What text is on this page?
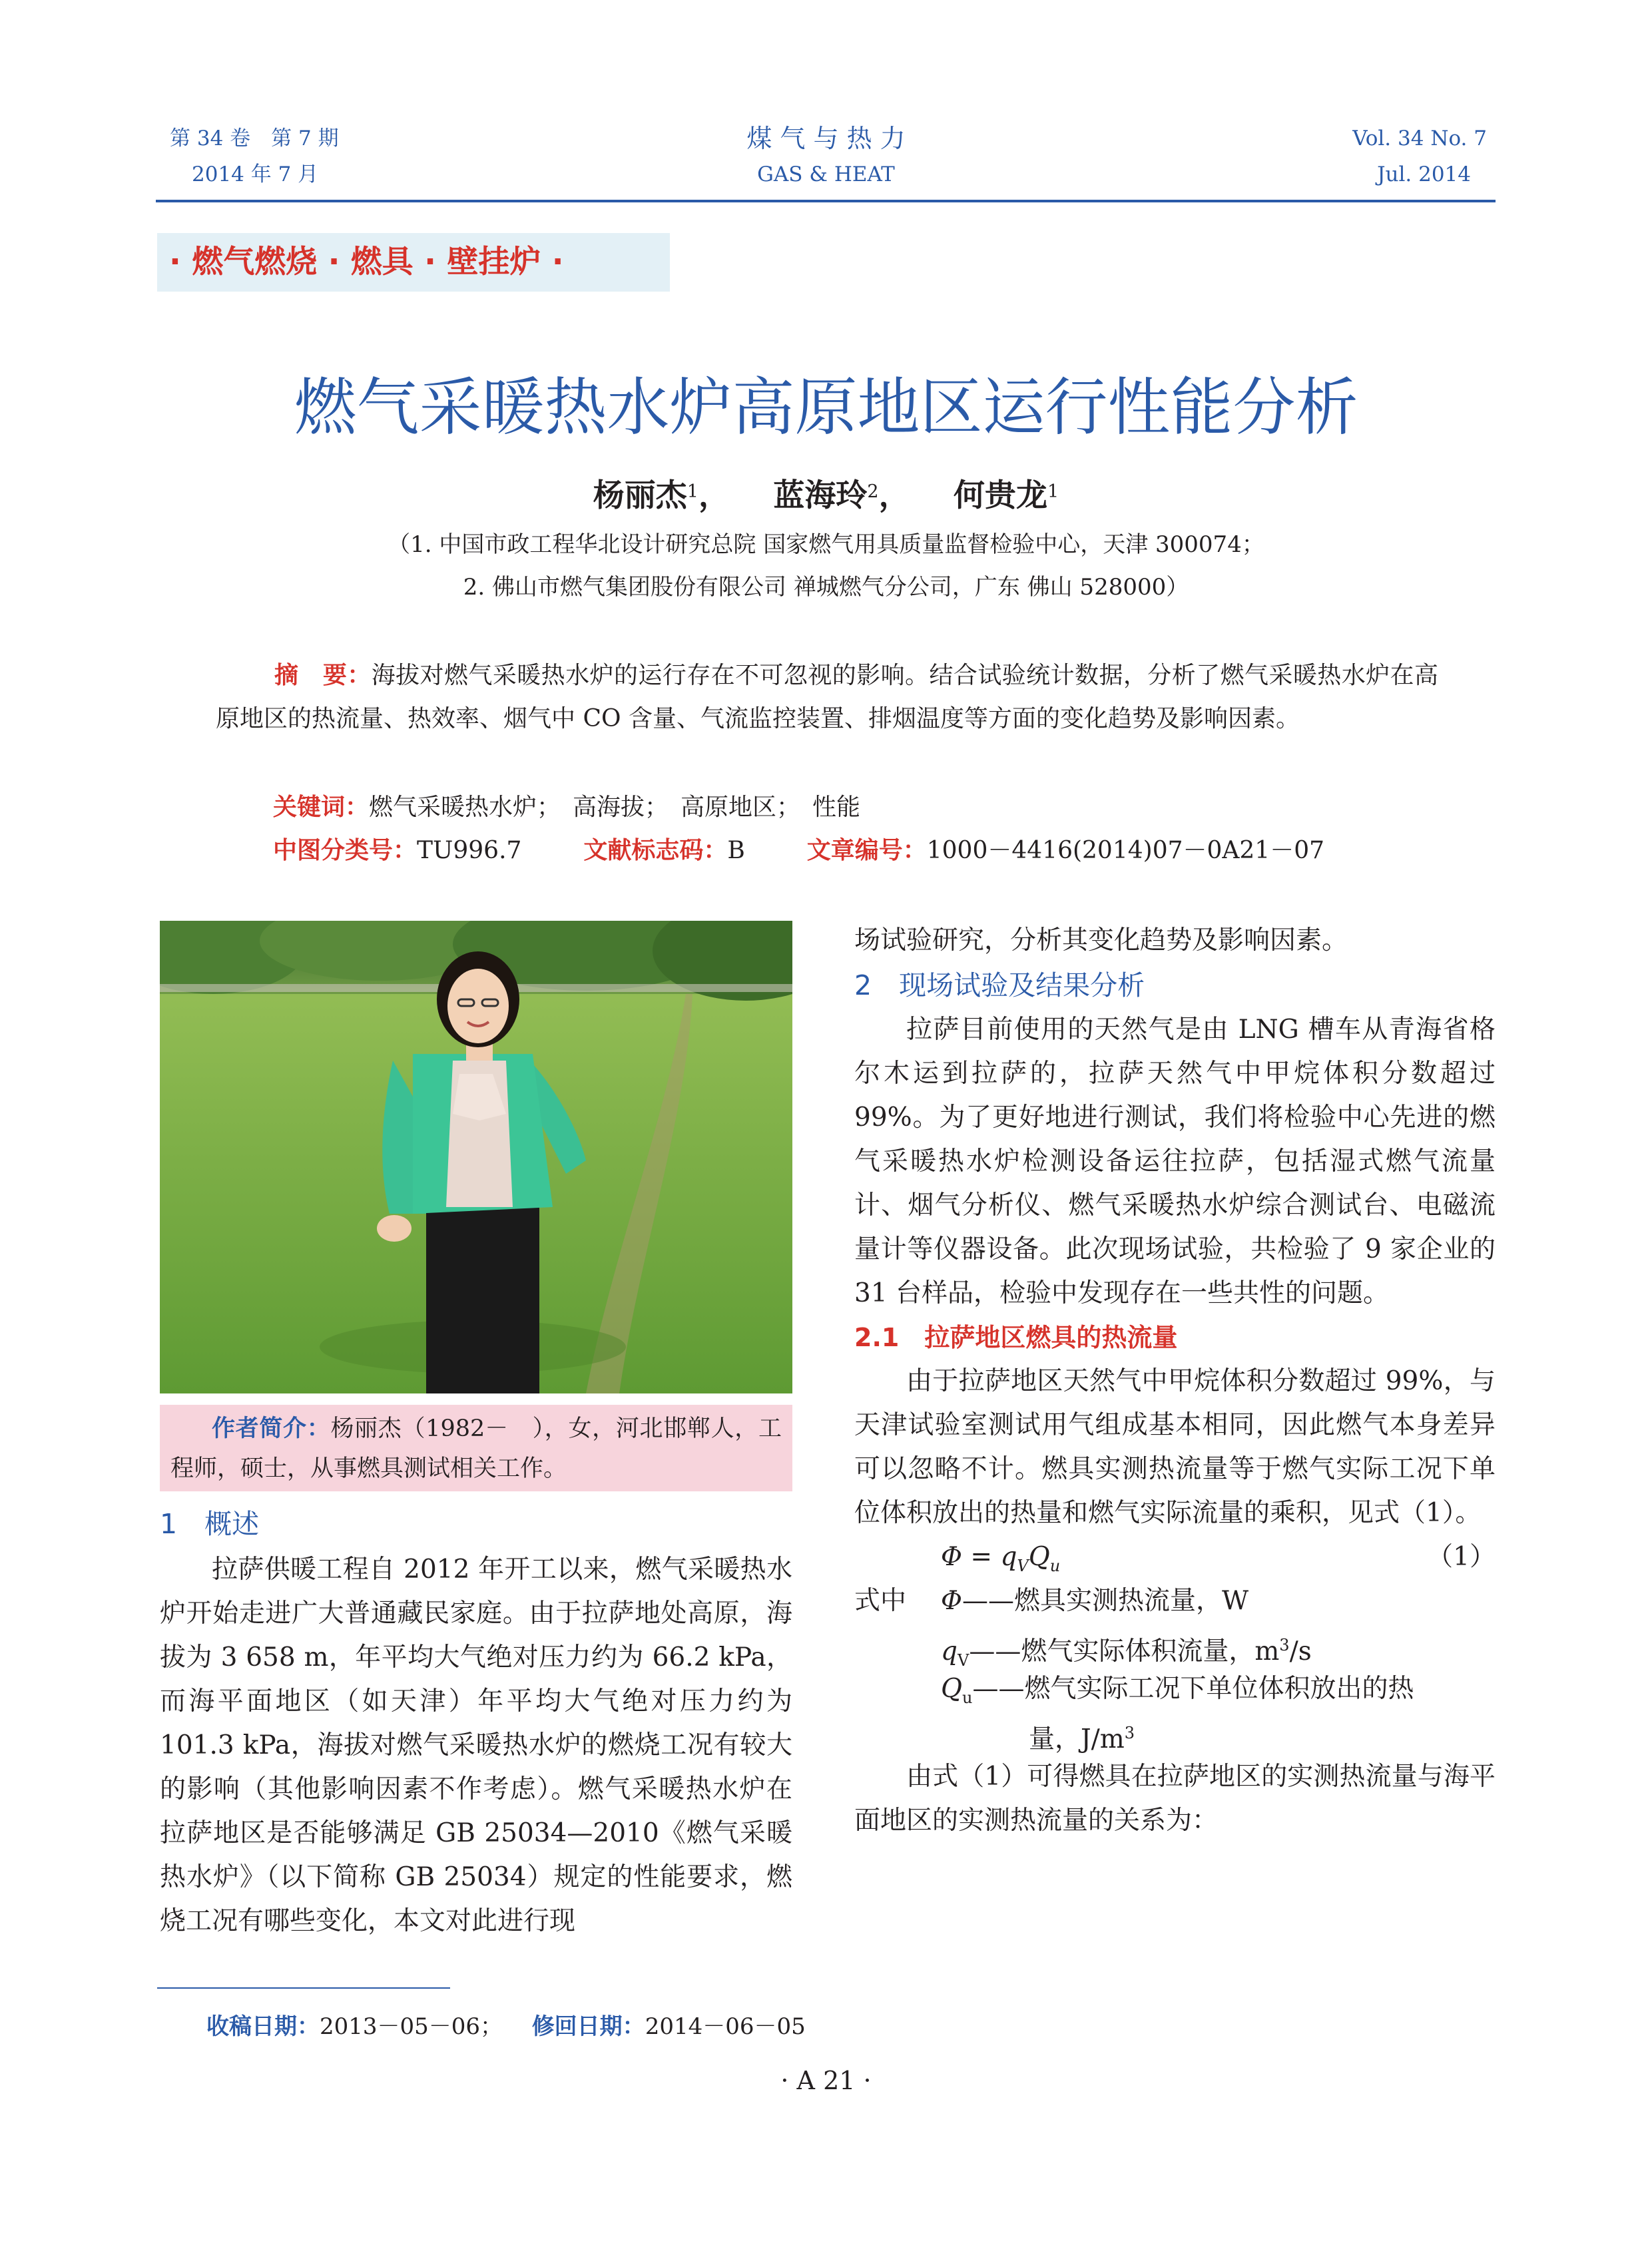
第 34 卷　第 7 期
2014 年 7 月
煤 气 与 热 力
GAS & HEAT
Vol. 34 No. 7
Jul. 2014
· 燃气燃烧 · 燃具 · 壁挂炉 ·
燃气采暖热水炉高原地区运行性能分析
杨丽杰$^1$， 蓝海玲$^2$， 何贵龙$^1$
（1. 中国市政工程华北设计研究总院 国家燃气用具质量监督检验中心，天津 300074；
2. 佛山市燃气集团股份有限公司 禅城燃气分公司，广东 佛山 528000）
摘　要：海拔对燃气采暖热水炉的运行存在不可忽视的影响。结合试验统计数据，分析了燃气采暖热水炉在高原地区的热流量、热效率、烟气中 CO 含量、气流监控装置、排烟温度等方面的变化趋势及影响因素。
关键词：燃气采暖热水炉；　高海拔；　高原地区；　性能
中图分类号：TU996.7	文献标志码：B	文章编号：1000－4416(2014)07－0A21－07
作者简介：杨丽杰（1982－　），女，河北邯郸人，工程师，硕士，从事燃具测试相关工作。
1　概述

拉萨供暖工程自 2012 年开工以来，燃气采暖热水炉开始走进广大普通藏民家庭。由于拉萨地处高原，海拔为 3 658 m，年平均大气绝对压力约为 66.2 kPa，而海平面地区（如天津）年平均大气绝对压力约为 101.3 kPa，海拔对燃气采暖热水炉的燃烧工况有较大的影响（其他影响因素不作考虑）。燃气采暖热水炉在拉萨地区是否能够满足 GB 25034—2010《燃气采暖热水炉》（以下简称 GB 25034）规定的性能要求，燃烧工况有哪些变化，本文对此进行现

场试验研究，分析其变化趋势及影响因素。

2　现场试验及结果分析

拉萨目前使用的天然气是由 LNG 槽车从青海省格尔木运到拉萨的，拉萨天然气中甲烷体积分数超过 99%。为了更好地进行测试，我们将检验中心先进的燃气采暖热水炉检测设备运往拉萨，包括湿式燃气流量计、烟气分析仪、燃气采暖热水炉综合测试台、电磁流量计等仪器设备。此次现场试验，共检验了 9 家企业的 31 台样品，检验中发现存在一些共性的问题。

2.1　拉萨地区燃具的热流量

由于拉萨地区天然气中甲烷体积分数超过 99%，与天津试验室测试用气组成基本相同，因此燃气本身差异可以忽略不计。燃具实测热流量等于燃气实际工况下单位体积放出的热量和燃气实际流量的乘积，见式（1）。

$\Phi = q_VQ_u$	（1）
式中 Φ——燃具实测热流量，W
$q_V——$燃气实际体积流量，$m^3/s$
$Q_u——$燃气实际工况下单位体积放出的热
量，$J/m^3$

由式（1）可得燃具在拉萨地区的实测热流量与海平面地区的实测热流量的关系为：

收稿日期：2013－05－06； 修回日期：2014－06－05
· A 21 ·
